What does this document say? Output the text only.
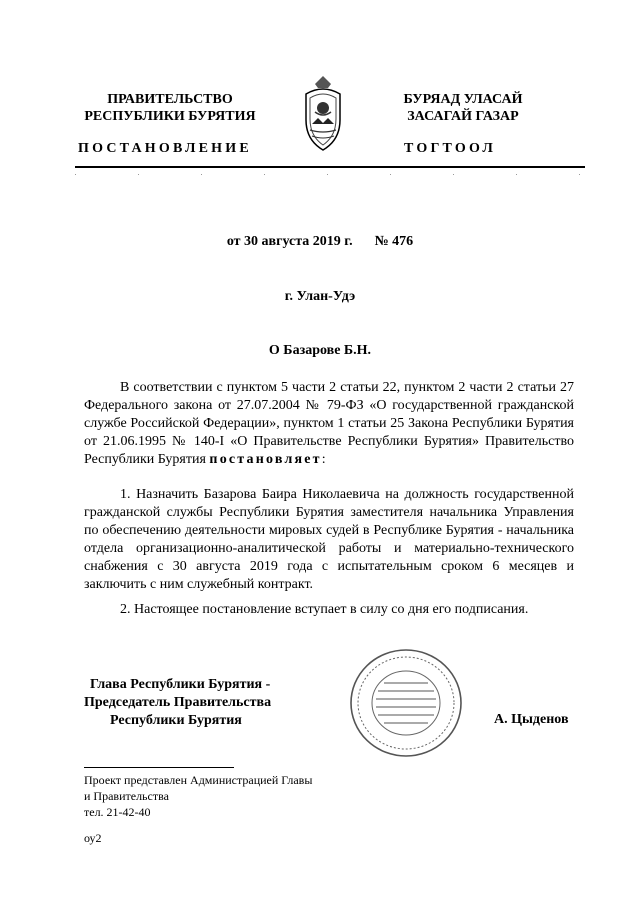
ПРАВИТЕЛЬСТВО
РЕСПУБЛИКИ БУРЯТИЯ
БУРЯАД УЛАСАЙ
ЗАСАГАЙ ГАЗАР
ПОСТАНОВЛЕНИЕ	ТОГТООЛ
от 30 августа 2019 г. № 476
г. Улан-Удэ
О Базарове Б.Н.

В соответствии с пунктом 5 части 2 статьи 22, пунктом 2 части 2 статьи 27 Федерального закона от 27.07.2004 № 79-ФЗ «О государственной гражданской службе Российской Федерации», пунктом 1 статьи 25 Закона Республики Бурятия от 21.06.1995 № 140-I «О Правительстве Республики Бурятия» Правительство Республики Бурятия постановляет:

1. Назначить Базарова Баира Николаевича на должность государственной гражданской службы Республики Бурятия заместителя начальника Управления по обеспечению деятельности мировых судей в Республике Бурятия - начальника отдела организационно-аналитической работы и материально-технического снабжения с 30 августа 2019 года с испытательным сроком 6 месяцев и заключить с ним служебный контракт.

2. Настоящее постановление вступает в силу со дня его подписания.

Глава Республики Бурятия -
Председатель Правительства
Республики Бурятия	А. Цыденов
Проект представлен Администрацией Главы
и Правительства
тел. 21-42-40
оу2
